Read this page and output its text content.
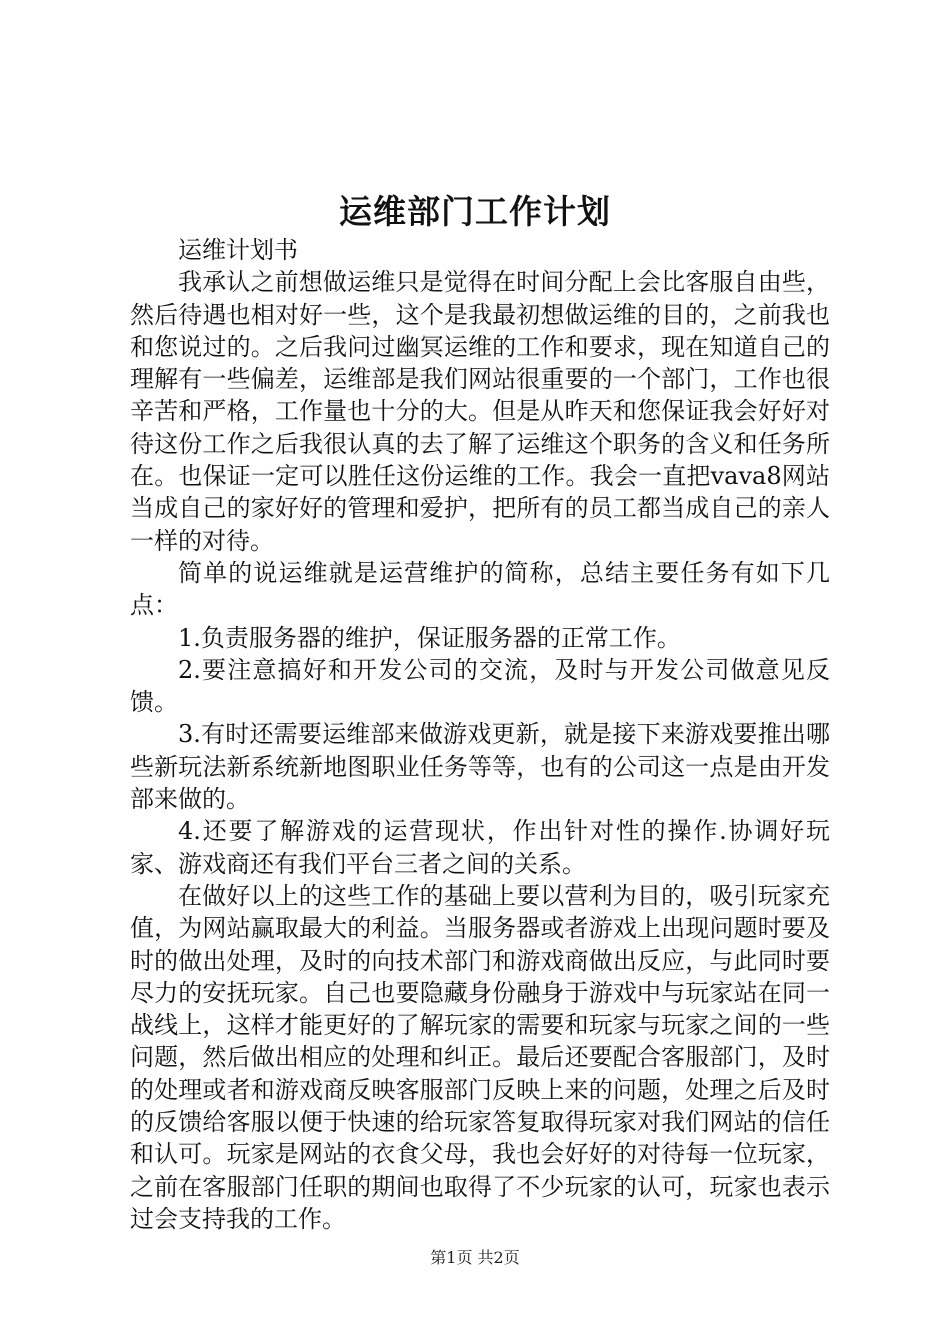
运维部门工作计划

运维计划书

我承认之前想做运维只是觉得在时间分配上会比客服自由些，然后待遇也相对好一些，这个是我最初想做运维的目的，之前我也和您说过的。之后我问过幽冥运维的工作和要求，现在知道自己的理解有一些偏差，运维部是我们网站很重要的一个部门，工作也很辛苦和严格，工作量也十分的大。但是从昨天和您保证我会好好对待这份工作之后我很认真的去了解了运维这个职务的含义和任务所在。也保证一定可以胜任这份运维的工作。我会一直把vava8网站当成自己的家好好的管理和爱护，把所有的员工都当成自己的亲人一样的对待。

简单的说运维就是运营维护的简称，总结主要任务有如下几点：

1.负责服务器的维护，保证服务器的正常工作。

2.要注意搞好和开发公司的交流，及时与开发公司做意见反馈。

3.有时还需要运维部来做游戏更新，就是接下来游戏要推出哪些新玩法新系统新地图职业任务等等，也有的公司这一点是由开发部来做的。

4.还要了解游戏的运营现状，作出针对性的操作.协调好玩家、游戏商还有我们平台三者之间的关系。

在做好以上的这些工作的基础上要以营利为目的，吸引玩家充值，为网站赢取最大的利益。当服务器或者游戏上出现问题时要及时的做出处理，及时的向技术部门和游戏商做出反应，与此同时要尽力的安抚玩家。自己也要隐藏身份融身于游戏中与玩家站在同一战线上，这样才能更好的了解玩家的需要和玩家与玩家之间的一些问题，然后做出相应的处理和纠正。最后还要配合客服部门，及时的处理或者和游戏商反映客服部门反映上来的问题，处理之后及时的反馈给客服以便于快速的给玩家答复取得玩家对我们网站的信任和认可。玩家是网站的衣食父母，我也会好好的对待每一位玩家，之前在客服部门任职的期间也取得了不少玩家的认可，玩家也表示过会支持我的工作。

第1页 共2页
